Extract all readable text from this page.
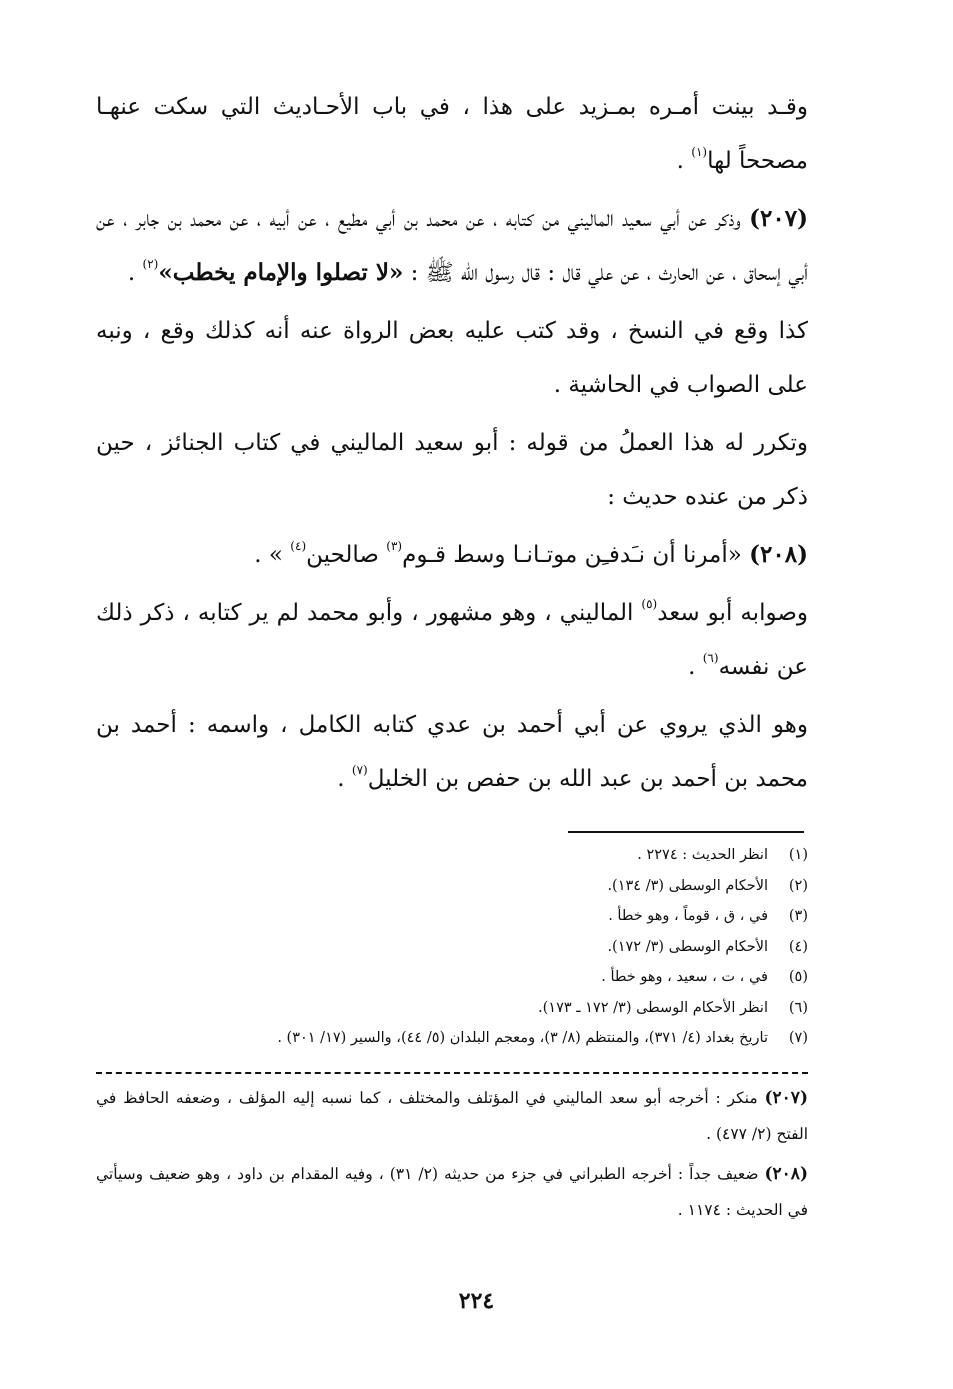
وقـد بينت أمـره بمـزيد على هذا ، في باب الأحـاديث التي سكت عنهـا مصححاً لها$^{(١)}$ .

(٢٠٧) وذكر عن أبي سعيد الماليني من كتابه ، عن محمد بن أبي مطيع ، عن أبيه ، عن محمد بن جابر ، عن أبي إسحاق ، عن الحارث ، عن علي قال : قال رسول الله ﷺ : «لا تصلوا والإمام يخطب»$^{(٢)}$ .

كذا وقع في النسخ ، وقد كتب عليه بعض الرواة عنه أنه كذلك وقع ، ونبه على الصواب في الحاشية .

وتكرر له هذا العملُ من قوله : أبو سعيد الماليني في كتاب الجنائز ، حين ذكر من عنده حديث :

(٢٠٨) «أمرنا أن نـَدفـِن موتـانـا وسط قـوم$^{(٣)}$ صالحين$^{(٤)}$ » .

وصوابه أبو سعد$^{(٥)}$ الماليني ، وهو مشهور ، وأبو محمد لم ير كتابه ، ذكر ذلك عن نفسه$^{(٦)}$ .

وهو الذي يروي عن أبي أحمد بن عدي كتابه الكامل ، واسمه : أحمد بن محمد بن أحمد بن عبد الله بن حفص بن الخليل$^{(٧)}$ .

(١)انظر الحديث : ٢٢٧٤ .
(٢)الأحكام الوسطى (٣/ ١٣٤).
(٣)في ، ق ، قوماً ، وهو خطأ .
(٤)الأحكام الوسطى (٣/ ١٧٢).
(٥)في ، ت ، سعيد ، وهو خطأ .
(٦)انظر الأحكام الوسطى (٣/ ١٧٢ ـ ١٧٣).
(٧)تاريخ بغداد (٤/ ٣٧١)، والمنتظم (٨/ ٣)، ومعجم البلدان (٥/ ٤٤)، والسير (١٧/ ٣٠١) .

(٢٠٧) منكر : أخرجه أبو سعد الماليني في المؤتلف والمختلف ، كما نسبه إليه المؤلف ، وضعفه الحافظ في الفتح (٢/ ٤٧٧) .

(٢٠٨) ضعيف جداً : أخرجه الطبراني في جزء من حديثه (٢/ ٣١) ، وفيه المقدام بن داود ، وهو ضعيف وسيأتي في الحديث : ١١٧٤ .

٢٢٤
